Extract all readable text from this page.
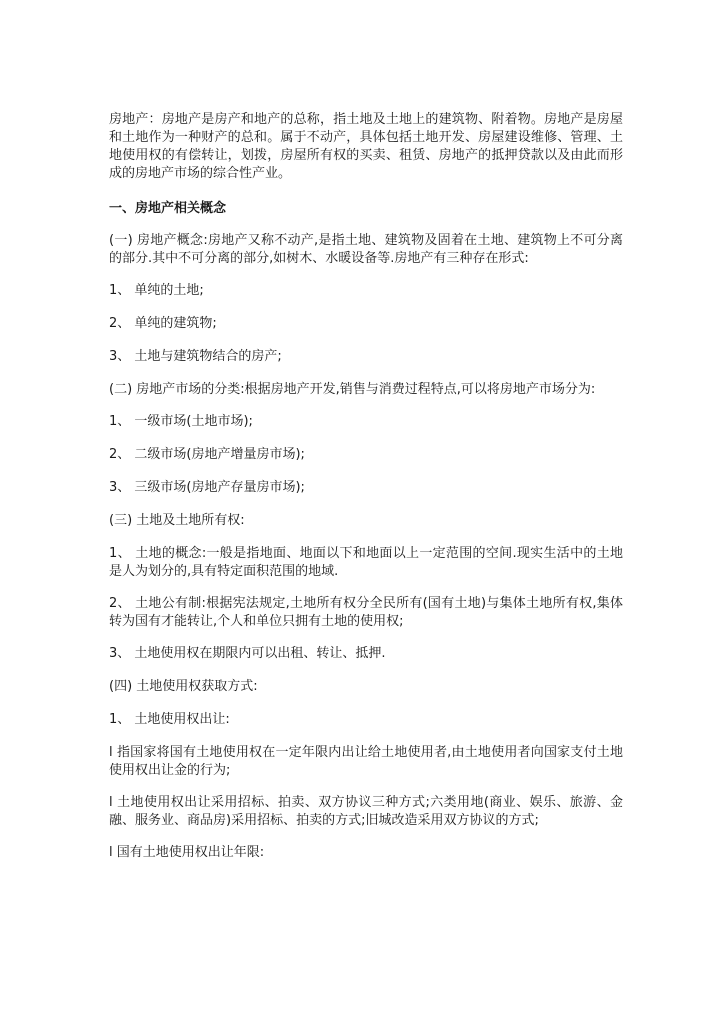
房地产：房地产是房产和地产的总称，指土地及土地上的建筑物、附着物。房地产是房屋和土地作为一种财产的总和。属于不动产，具体包括土地开发、房屋建设维修、管理、土地使用权的有偿转让，划拨，房屋所有权的买卖、租赁、房地产的抵押贷款以及由此而形成的房地产市场的综合性产业。

一、房地产相关概念

(一) 房地产概念:房地产又称不动产,是指土地、建筑物及固着在土地、建筑物上不可分离的部分.其中不可分离的部分,如树木、水暖设备等.房地产有三种存在形式:

1、 单纯的土地;

2、 单纯的建筑物;

3、 土地与建筑物结合的房产;

(二) 房地产市场的分类:根据房地产开发,销售与消费过程特点,可以将房地产市场分为:

1、 一级市场(土地市场);

2、 二级市场(房地产增量房市场);

3、 三级市场(房地产存量房市场);

(三) 土地及土地所有权:

1、 土地的概念:一般是指地面、地面以下和地面以上一定范围的空间.现实生活中的土地是人为划分的,具有特定面积范围的地域.

2、 土地公有制:根据宪法规定,土地所有权分全民所有(国有土地)与集体土地所有权,集体转为国有才能转让,个人和单位只拥有土地的使用权;

3、 土地使用权在期限内可以出租、转让、抵押.

(四) 土地使用权获取方式:

1、 土地使用权出让:

l 指国家将国有土地使用权在一定年限内出让给土地使用者,由土地使用者向国家支付土地使用权出让金的行为;

l 土地使用权出让采用招标、拍卖、双方协议三种方式;六类用地(商业、娱乐、旅游、金融、服务业、商品房)采用招标、拍卖的方式;旧城改造采用双方协议的方式;

l 国有土地使用权出让年限:
